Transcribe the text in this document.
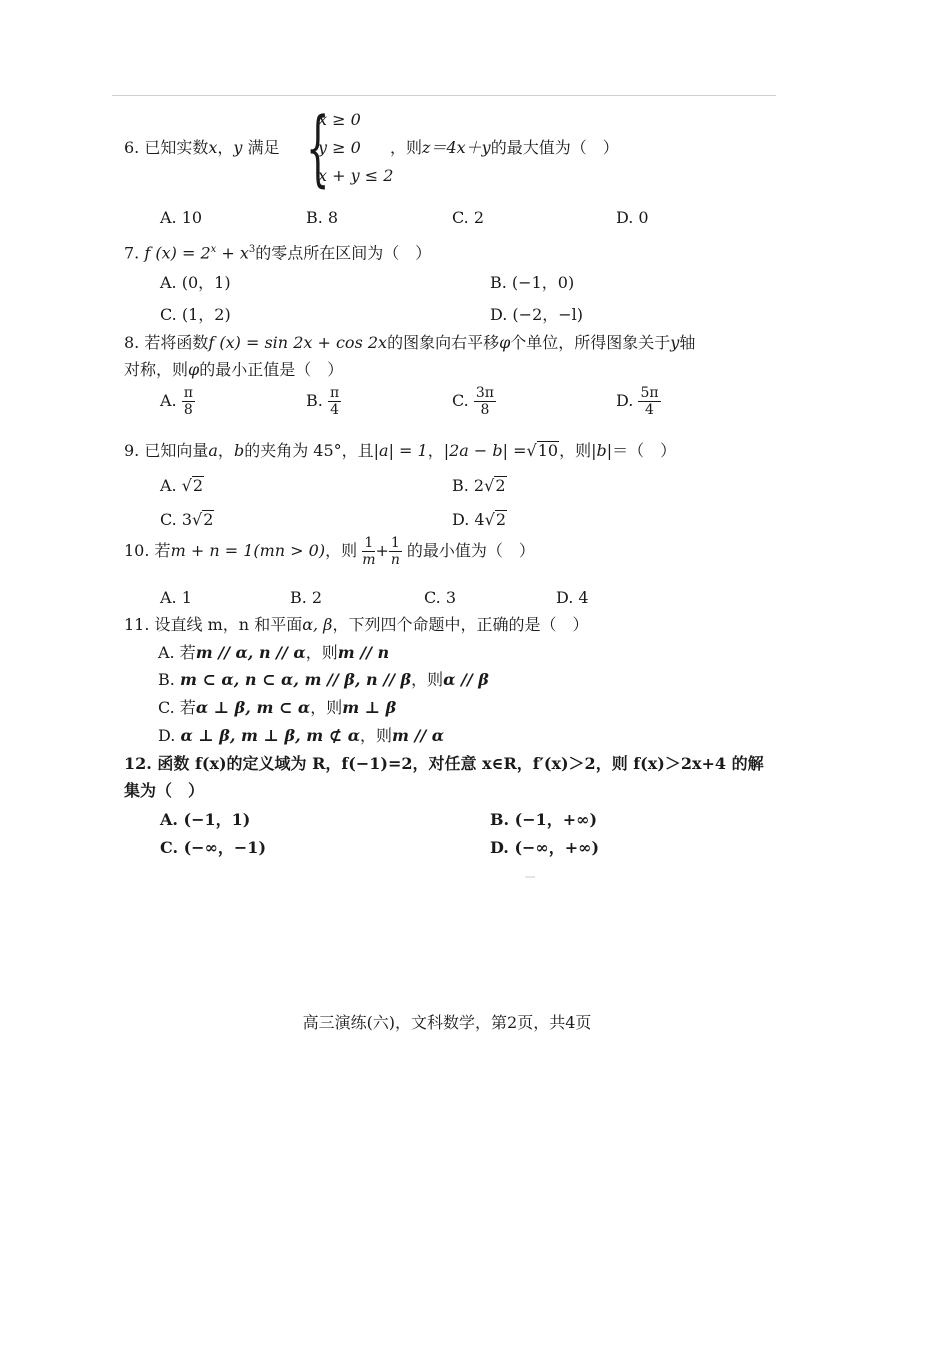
6. 已知实数x，y 满足 {
x ≥ 0
y ≥ 0
x + y ≤ 2
，则z＝4x＋y的最大值为（　）
A. 10	B. 8	C. 2	D. 0
7. f $(x) = 2^x + x^3$的零点所在区间为（　）
A. (0，1)	B. (−1，0)
C. (1，2)	D. (−2，−l)
8. 若将函数f (x) = sin 2x + cos 2x的图象向右平移φ个单位，所得图象关于y轴
对称，则φ的最小正值是（　）
A. $\frac{\pi}{8}$	B. $\frac{\pi}{4}$	C. $\frac{3\pi}{8}$	D. $\frac{5\pi}{4}$
9. 已知向量a，b的夹角为 45°，且|a| = 1，|2a − b| =√10，则|b|＝（　）
A. √2	B. 2√2
C. 3√2	D. 4√2
10. 若m + n = 1(mn > 0)，则 $\frac{1}{m} + \frac{1}{n}$ 的最小值为（　）
A. 1	B. 2	C. 3	D. 4
11. 设直线 m，n 和平面α, β，下列四个命题中，正确的是（　）
A. 若m // α, n // α，则m // n
B. m ⊂ α, n ⊂ α, m // β, n // β，则α // β
C. 若α ⊥ β, m ⊂ α，则m ⊥ β
D. α ⊥ β, m ⊥ β, m ⊄ α，则m // α
12. 函数 f(x)的定义域为 R，f(−1)=2，对任意 x∈R，f′(x)＞2，则 f(x)＞2x+4 的解
集为（　）
A. (−1，1)	B. (−1，+∞)
C. (−∞，−1)	D. (−∞，+∞)
高三演练(六)，文科数学，第2页，共4页
